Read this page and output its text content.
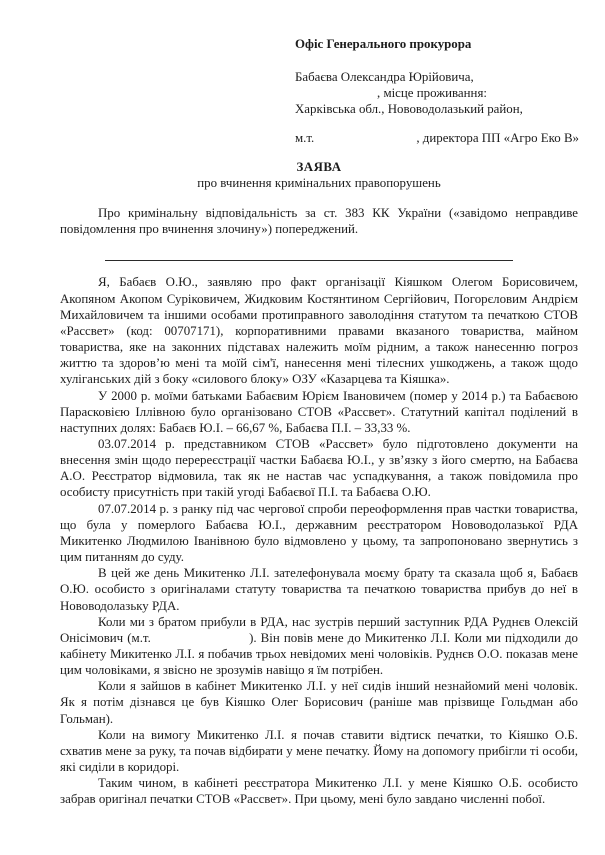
Офіс Генерального прокурора
Бабаєва Олександра Юрійовича,
, місце проживання:
Харківська обл., Нововодолазький район,
м.т.	, директора ПП «Агро Еко В»
ЗАЯВА
про вчинення кримінальних правопорушень

Про кримінальну відповідальність за ст. 383 КК України («завідомо неправдиве повідомлення про вчинення злочину») попереджений.

Я, Бабаєв О.Ю., заявляю про факт організації Кіяшком Олегом Борисовичем, Акопяном Акопом Суріковичем, Жидковим Костянтином Сергійович, Погорєловим Андрієм Михайловичем та іншими особами протиправного заволодіння статутом та печаткою СТОВ «Рассвет» (код: 00707171), корпоративними правами вказаного товариства, майном товариства, яке на законних підставах належить моїм рідним, а також нанесенню погроз життю та здоров’ю мені та моїй сім'ї, нанесення мені тілесних ушкоджень, а також щодо хуліганських дій з боку «силового блоку» ОЗУ «Казарцева та Кіяшка».

У 2000 р. моїми батьками Бабаєвим Юрієм Івановичем (помер у 2014 р.) та Бабаєвою Парасковією Іллівною було організовано СТОВ «Рассвет». Статутний капітал поділений в наступних долях: Бабаєв Ю.І. – 66,67 %, Бабаєва П.І. – 33,33 %.

03.07.2014 р. представником СТОВ «Рассвет» було підготовлено документи на внесення змін щодо перереєстрації частки Бабаєва Ю.І., у зв’язку з його смертю, на Бабаєва А.О. Реєстратор відмовила, так як не настав час успадкування, а також повідомила про особисту присутність при такій угоді Бабаєвої П.І. та Бабаєва О.Ю.

07.07.2014 р. з ранку під час чергової спроби переоформлення прав частки товариства, що була у померлого Бабаєва Ю.І., державним реєстратором Нововодолазької РДА Микитенко Людмилою Іванівною було відмовлено у цьому, та запропоновано звернутись з цим питанням до суду.

В цей же день Микитенко Л.І. зателефонувала моєму брату та сказала щоб я, Бабаєв О.Ю. особисто з оригіналами статуту товариства та печаткою товариства прибув до неї в Нововодолазьку РДА.

Коли ми з братом прибули в РДА, нас зустрів перший заступник РДА Руднєв Олексій Онісімович (м.т.                        ). Він повів мене до Микитенко Л.І. Коли ми підходили до кабінету Микитенко Л.І. я побачив трьох невідомих мені чоловіків. Руднєв О.О. показав мене цим чоловіками, я звісно не зрозумів навіщо я їм потрібен.

Коли я зайшов в кабінет Микитенко Л.І. у неї сидів інший незнайомий мені чоловік. Як я потім дізнався це був Кіяшко Олег Борисович (раніше мав прізвище Гольдман або Гольман).

Коли на вимогу Микитенко Л.І. я почав ставити відтиск печатки, то Кіяшко О.Б. схватив мене за руку, та почав відбирати у мене печатку. Йому на допомогу прибігли ті особи, які сиділи в коридорі.

Таким чином, в кабінеті реєстратора Микитенко Л.І. у мене Кіяшко О.Б. особисто забрав оригінал печатки СТОВ «Рассвет». При цьому, мені було завдано численні побої.
